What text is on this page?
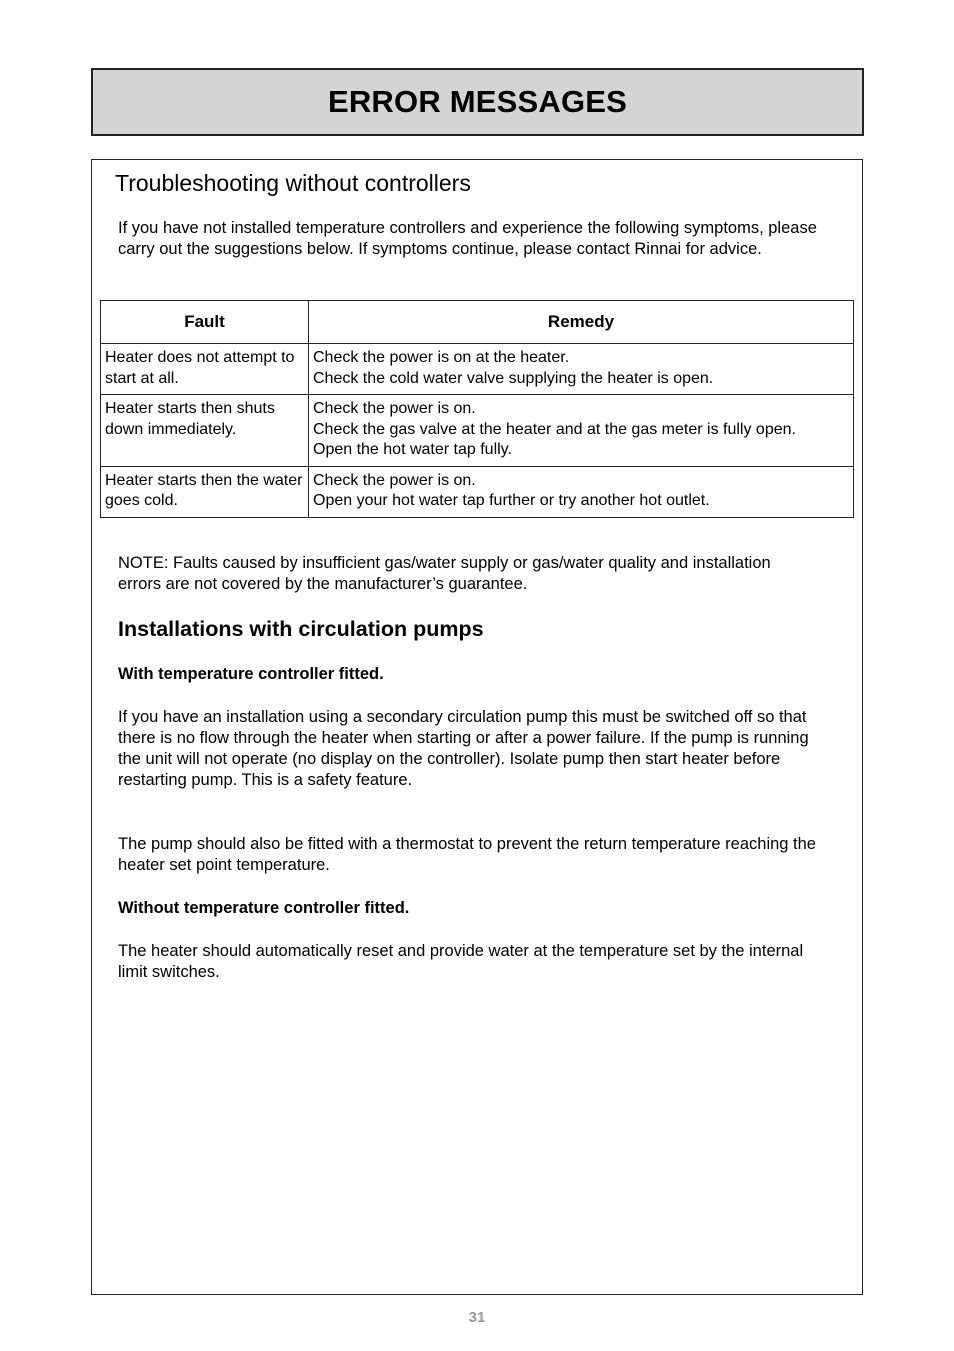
ERROR MESSAGES
Troubleshooting without controllers

If you have not installed temperature controllers and experience the following symptoms, please carry out the suggestions below. If symptoms continue, please contact Rinnai for advice.

Fault	Remedy
Heater does not attempt to start at all.	Check the power is on at the heater.
Check the cold water valve supplying the heater is open.

Heater starts then shuts down immediately.	Check the power is on.
Check the gas valve at the heater and at the gas meter is fully open.
Open the hot water tap fully.

Heater starts then the water goes cold.	Check the power is on.
Open your hot water tap further or try another hot outlet.

NOTE: Faults caused by insufficient gas/water supply or gas/water quality and installation errors are not covered by the manufacturer’s guarantee.

Installations with circulation pumps

With temperature controller fitted.

If you have an installation using a secondary circulation pump this must be switched off so that there is no flow through the heater when starting or after a power failure. If the pump is running the unit will not operate (no display on the controller). Isolate pump then start heater before restarting pump. This is a safety feature.

The pump should also be fitted with a thermostat to prevent the return temperature reaching the heater set point temperature.

Without temperature controller fitted.

The heater should automatically reset and provide water at the temperature set by the internal limit switches.

31
